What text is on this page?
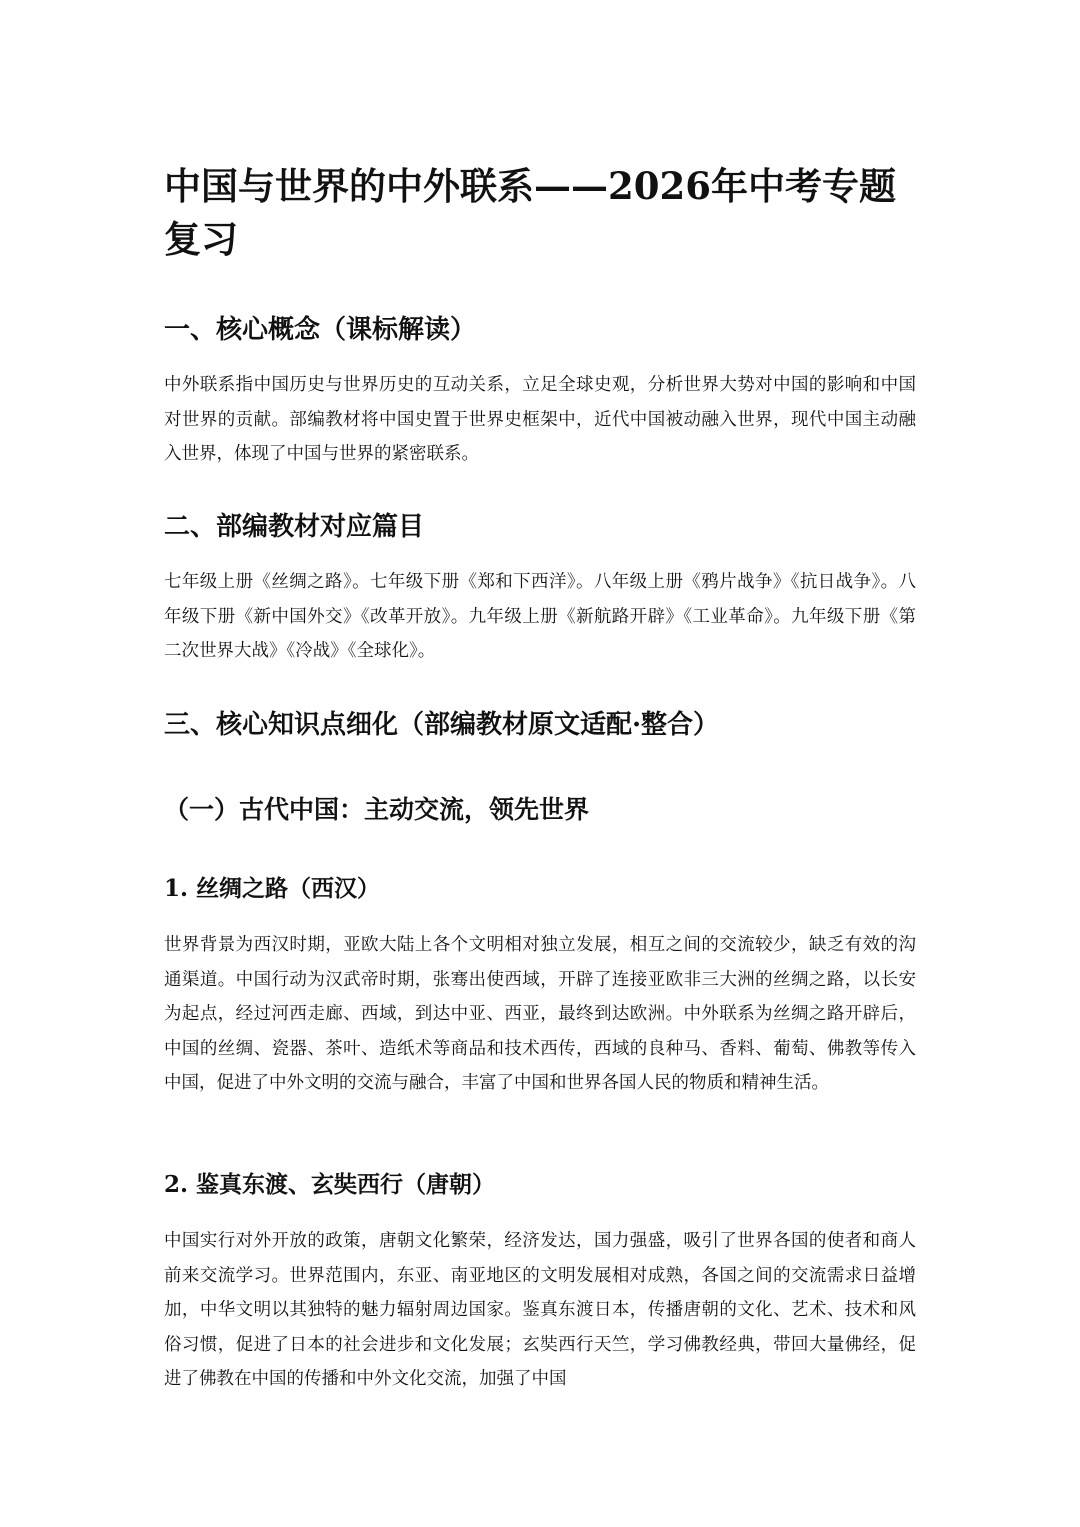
中国与世界的中外联系——2026年中考专题复习
一、核心概念（课标解读）

中外联系指中国历史与世界历史的互动关系，立足全球史观，分析世界大势对中国的影响和中国对世界的贡献。部编教材将中国史置于世界史框架中，近代中国被动融入世界，现代中国主动融入世界，体现了中国与世界的紧密联系。

二、部编教材对应篇目

七年级上册《丝绸之路》。七年级下册《郑和下西洋》。八年级上册《鸦片战争》《抗日战争》。八年级下册《新中国外交》《改革开放》。九年级上册《新航路开辟》《工业革命》。九年级下册《第二次世界大战》《冷战》《全球化》。

三、核心知识点细化（部编教材原文适配·整合）
（一）古代中国：主动交流，领先世界
1. 丝绸之路（西汉）

世界背景为西汉时期，亚欧大陆上各个文明相对独立发展，相互之间的交流较少，缺乏有效的沟通渠道。中国行动为汉武帝时期，张骞出使西域，开辟了连接亚欧非三大洲的丝绸之路，以长安为起点，经过河西走廊、西域，到达中亚、西亚，最终到达欧洲。中外联系为丝绸之路开辟后，中国的丝绸、瓷器、茶叶、造纸术等商品和技术西传，西域的良种马、香料、葡萄、佛教等传入中国，促进了中外文明的交流与融合，丰富了中国和世界各国人民的物质和精神生活。

2. 鉴真东渡、玄奘西行（唐朝）

中国实行对外开放的政策，唐朝文化繁荣，经济发达，国力强盛，吸引了世界各国的使者和商人前来交流学习。世界范围内，东亚、南亚地区的文明发展相对成熟，各国之间的交流需求日益增加，中华文明以其独特的魅力辐射周边国家。鉴真东渡日本，传播唐朝的文化、艺术、技术和风俗习惯，促进了日本的社会进步和文化发展；玄奘西行天竺，学习佛教经典，带回大量佛经，促进了佛教在中国的传播和中外文化交流，加强了中国
